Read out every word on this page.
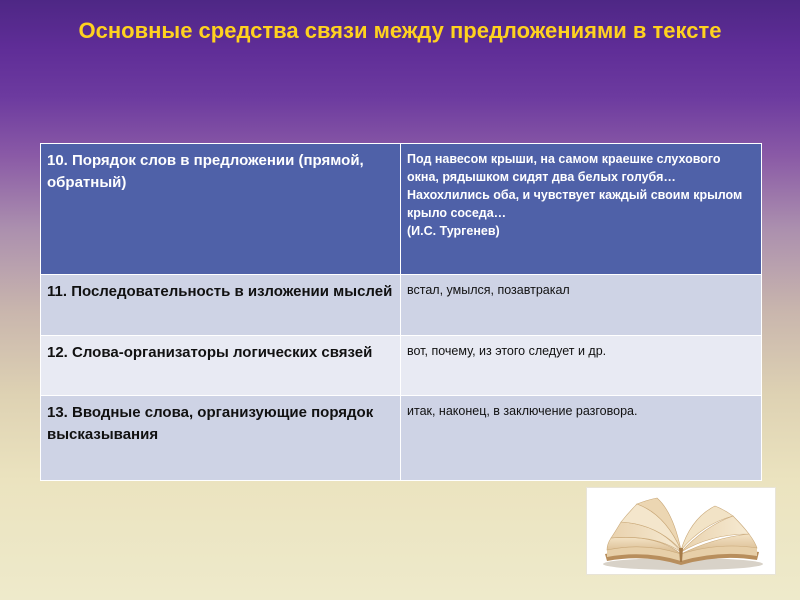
Основные средства связи между предложениями в тексте
10. Порядок слов в предложении (прямой, обратный)	Под навесом крыши, на самом краешке слухового окна, рядышком сидят два белых голубя…Нахохлились оба, и чувствует каждый своим крылом крыло соседа…
(И.С. Тургенев)

11. Последовательность в изложении мыслей	встал, умылся, позавтракал
12. Слова-организаторы логических связей	вот, почему, из этого следует и др.
13. Вводные слова, организующие порядок высказывания	итак, наконец, в заключение разговора.
